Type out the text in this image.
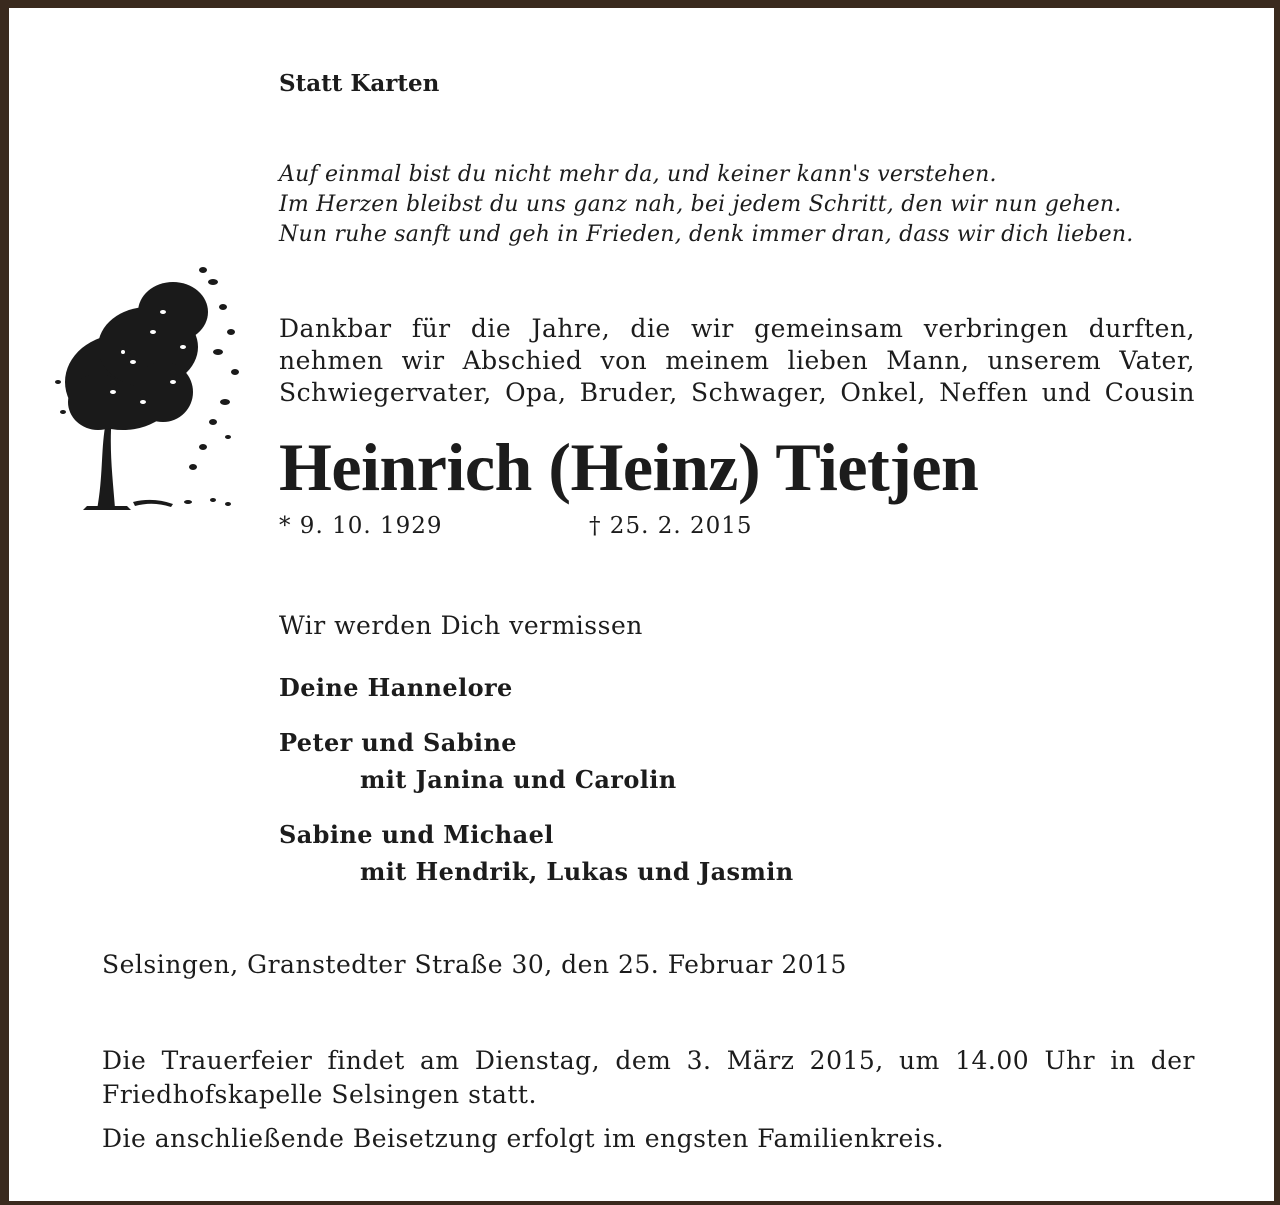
Statt Karten
Auf einmal bist du nicht mehr da, und keiner kann's verstehen.
Im Herzen bleibst du uns ganz nah, bei jedem Schritt, den wir nun gehen.
Nun ruhe sanft und geh in Frieden, denk immer dran, dass wir dich lieben.
Dankbar für die Jahre, die wir gemeinsam verbringen durften,
nehmen wir Abschied von meinem lieben Mann, unserem Vater,
Schwiegervater, Opa, Bruder, Schwager, Onkel, Neffen und Cousin
Heinrich (Heinz) Tietjen
* 9. 10. 1929	† 25. 2. 2015
Wir werden Dich vermissen
Deine Hannelore
Peter und Sabine
mit Janina und Carolin
Sabine und Michael
mit Hendrik, Lukas und Jasmin
Selsingen, Granstedter Straße 30, den 25. Februar 2015
Die Trauerfeier findet am Dienstag, dem 3. März 2015, um 14.00 Uhr in der
Friedhofskapelle Selsingen statt.
Die anschließende Beisetzung erfolgt im engsten Familienkreis.
